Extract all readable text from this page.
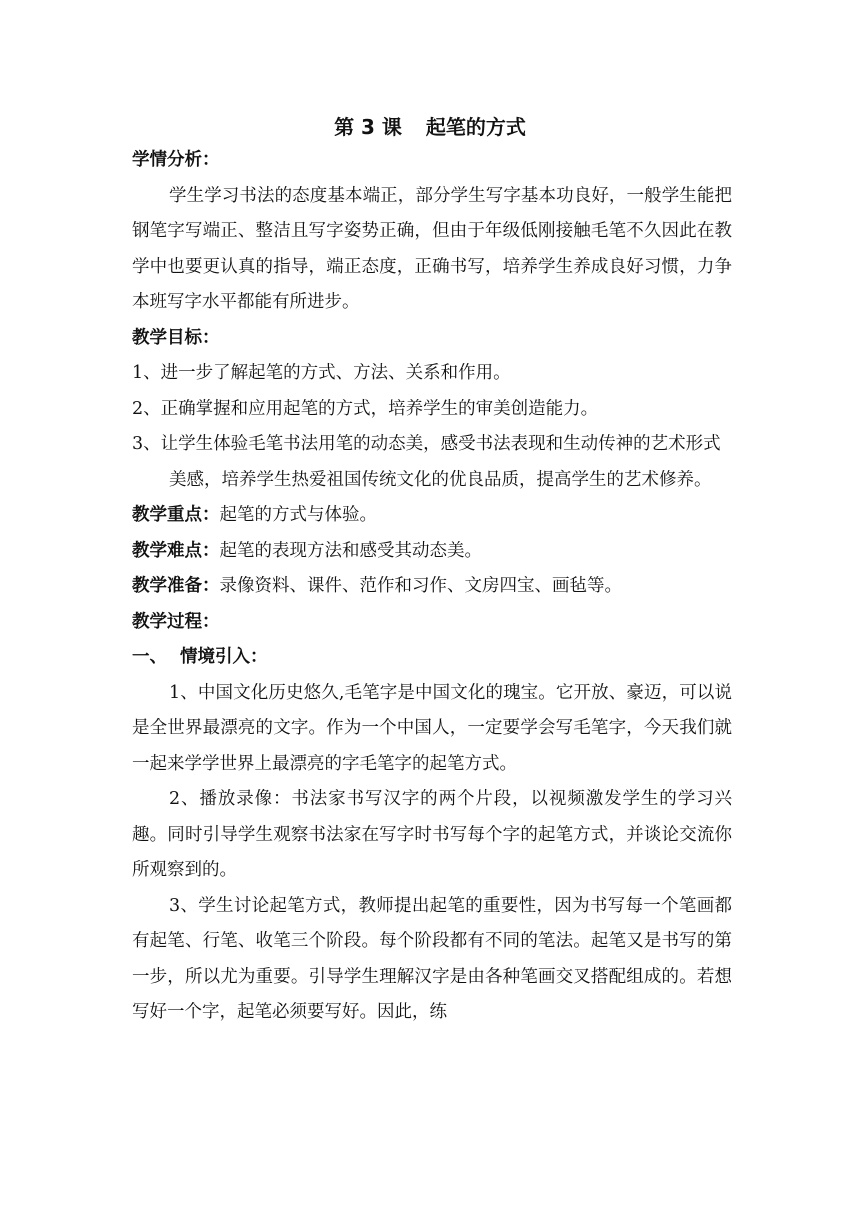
第 3 课 起笔的方式

学情分析：

学生学习书法的态度基本端正，部分学生写字基本功良好，一般学生能把钢笔字写端正、整洁且写字姿势正确，但由于年级低刚接触毛笔不久因此在教学中也要更认真的指导，端正态度，正确书写，培养学生养成良好习惯，力争本班写字水平都能有所进步。

教学目标：

1、进一步了解起笔的方式、方法、关系和作用。

2、正确掌握和应用起笔的方式，培养学生的审美创造能力。

3、让学生体验毛笔书法用笔的动态美，感受书法表现和生动传神的艺术形式美感，培养学生热爱祖国传统文化的优良品质，提高学生的艺术修养。

教学重点：起笔的方式与体验。

教学难点：起笔的表现方法和感受其动态美。

教学准备：录像资料、课件、范作和习作、文房四宝、画毡等。

教学过程：

一、 情境引入：

1、中国文化历史悠久,毛笔字是中国文化的瑰宝。它开放、豪迈，可以说是全世界最漂亮的文字。作为一个中国人，一定要学会写毛笔字，今天我们就一起来学学世界上最漂亮的字毛笔字的起笔方式。

2、播放录像：书法家书写汉字的两个片段，以视频激发学生的学习兴趣。同时引导学生观察书法家在写字时书写每个字的起笔方式，并谈论交流你所观察到的。

3、学生讨论起笔方式，教师提出起笔的重要性，因为书写每一个笔画都有起笔、行笔、收笔三个阶段。每个阶段都有不同的笔法。起笔又是书写的第一步，所以尤为重要。引导学生理解汉字是由各种笔画交叉搭配组成的。若想写好一个字，起笔必须要写好。因此，练
